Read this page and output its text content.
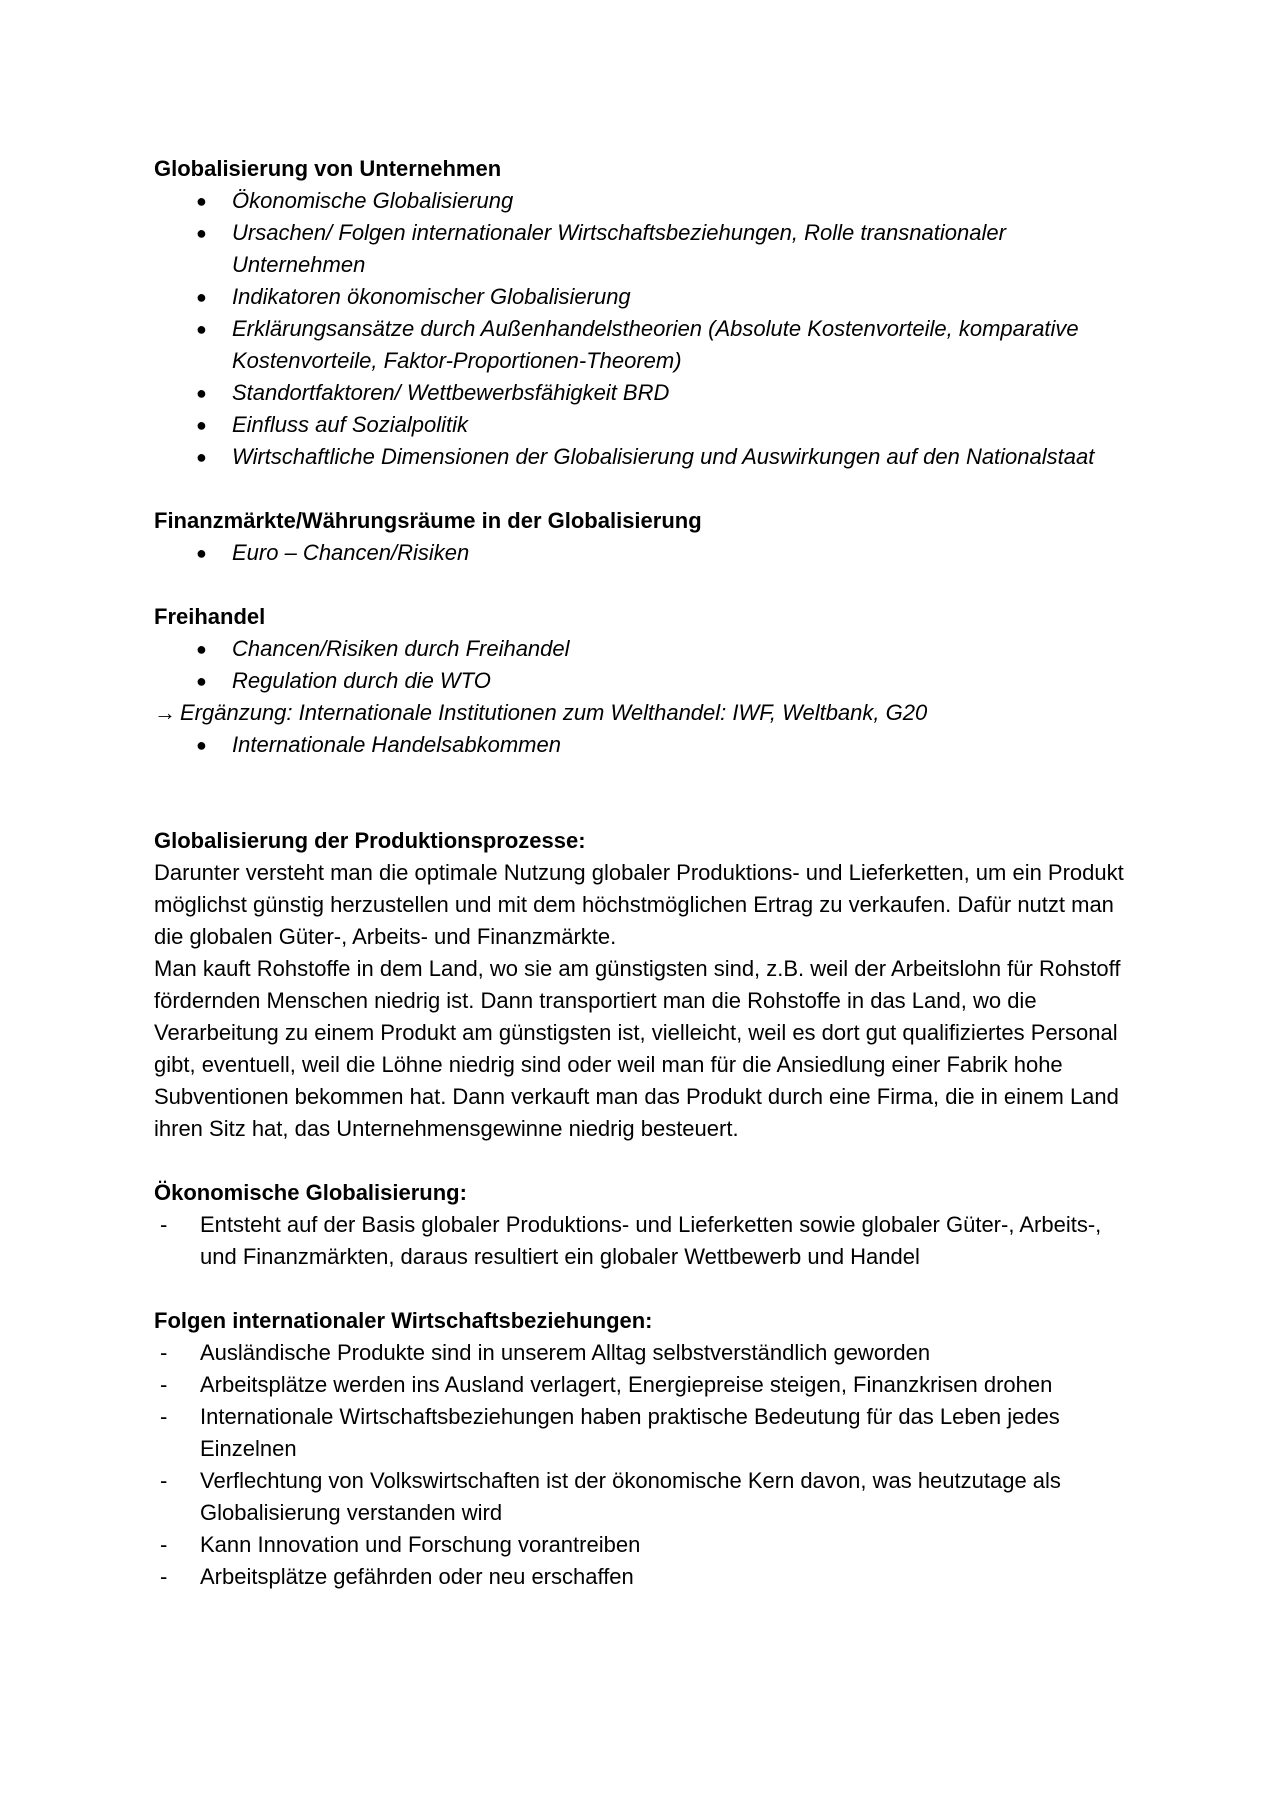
Globalisierung von Unternehmen
● Ökonomische Globalisierung
● Ursachen/ Folgen internationaler Wirtschaftsbeziehungen, Rolle transnationaler Unternehmen
● Indikatoren ökonomischer Globalisierung
● Erklärungsansätze durch Außenhandelstheorien (Absolute Kostenvorteile, komparative Kostenvorteile, Faktor-Proportionen-Theorem)
● Standortfaktoren/ Wettbewerbsfähigkeit BRD
● Einfluss auf Sozialpolitik
● Wirtschaftliche Dimensionen der Globalisierung und Auswirkungen auf den Nationalstaat
Finanzmärkte/Währungsräume in der Globalisierung
● Euro – Chancen/Risiken
Freihandel
● Chancen/Risiken durch Freihandel
● Regulation durch die WTO
→ Ergänzung: Internationale Institutionen zum Welthandel: IWF, Weltbank, G20
● Internationale Handelsabkommen
Globalisierung der Produktionsprozesse:

Darunter versteht man die optimale Nutzung globaler Produktions- und Lieferketten, um ein Produkt möglichst günstig herzustellen und mit dem höchstmöglichen Ertrag zu verkaufen. Dafür nutzt man die globalen Güter-, Arbeits- und Finanzmärkte.

Man kauft Rohstoffe in dem Land, wo sie am günstigsten sind, z.B. weil der Arbeitslohn für Rohstoff fördernden Menschen niedrig ist. Dann transportiert man die Rohstoffe in das Land, wo die Verarbeitung zu einem Produkt am günstigsten ist, vielleicht, weil es dort gut qualifiziertes Personal gibt, eventuell, weil die Löhne niedrig sind oder weil man für die Ansiedlung einer Fabrik hohe Subventionen bekommen hat. Dann verkauft man das Produkt durch eine Firma, die in einem Land ihren Sitz hat, das Unternehmensgewinne niedrig besteuert.

Ökonomische Globalisierung:
- Entsteht auf der Basis globaler Produktions- und Lieferketten sowie globaler Güter-, Arbeits-, und Finanzmärkten, daraus resultiert ein globaler Wettbewerb und Handel
Folgen internationaler Wirtschaftsbeziehungen:
- Ausländische Produkte sind in unserem Alltag selbstverständlich geworden
- Arbeitsplätze werden ins Ausland verlagert, Energiepreise steigen, Finanzkrisen drohen
- Internationale Wirtschaftsbeziehungen haben praktische Bedeutung für das Leben jedes Einzelnen
- Verflechtung von Volkswirtschaften ist der ökonomische Kern davon, was heutzutage als Globalisierung verstanden wird
- Kann Innovation und Forschung vorantreiben
- Arbeitsplätze gefährden oder neu erschaffen
